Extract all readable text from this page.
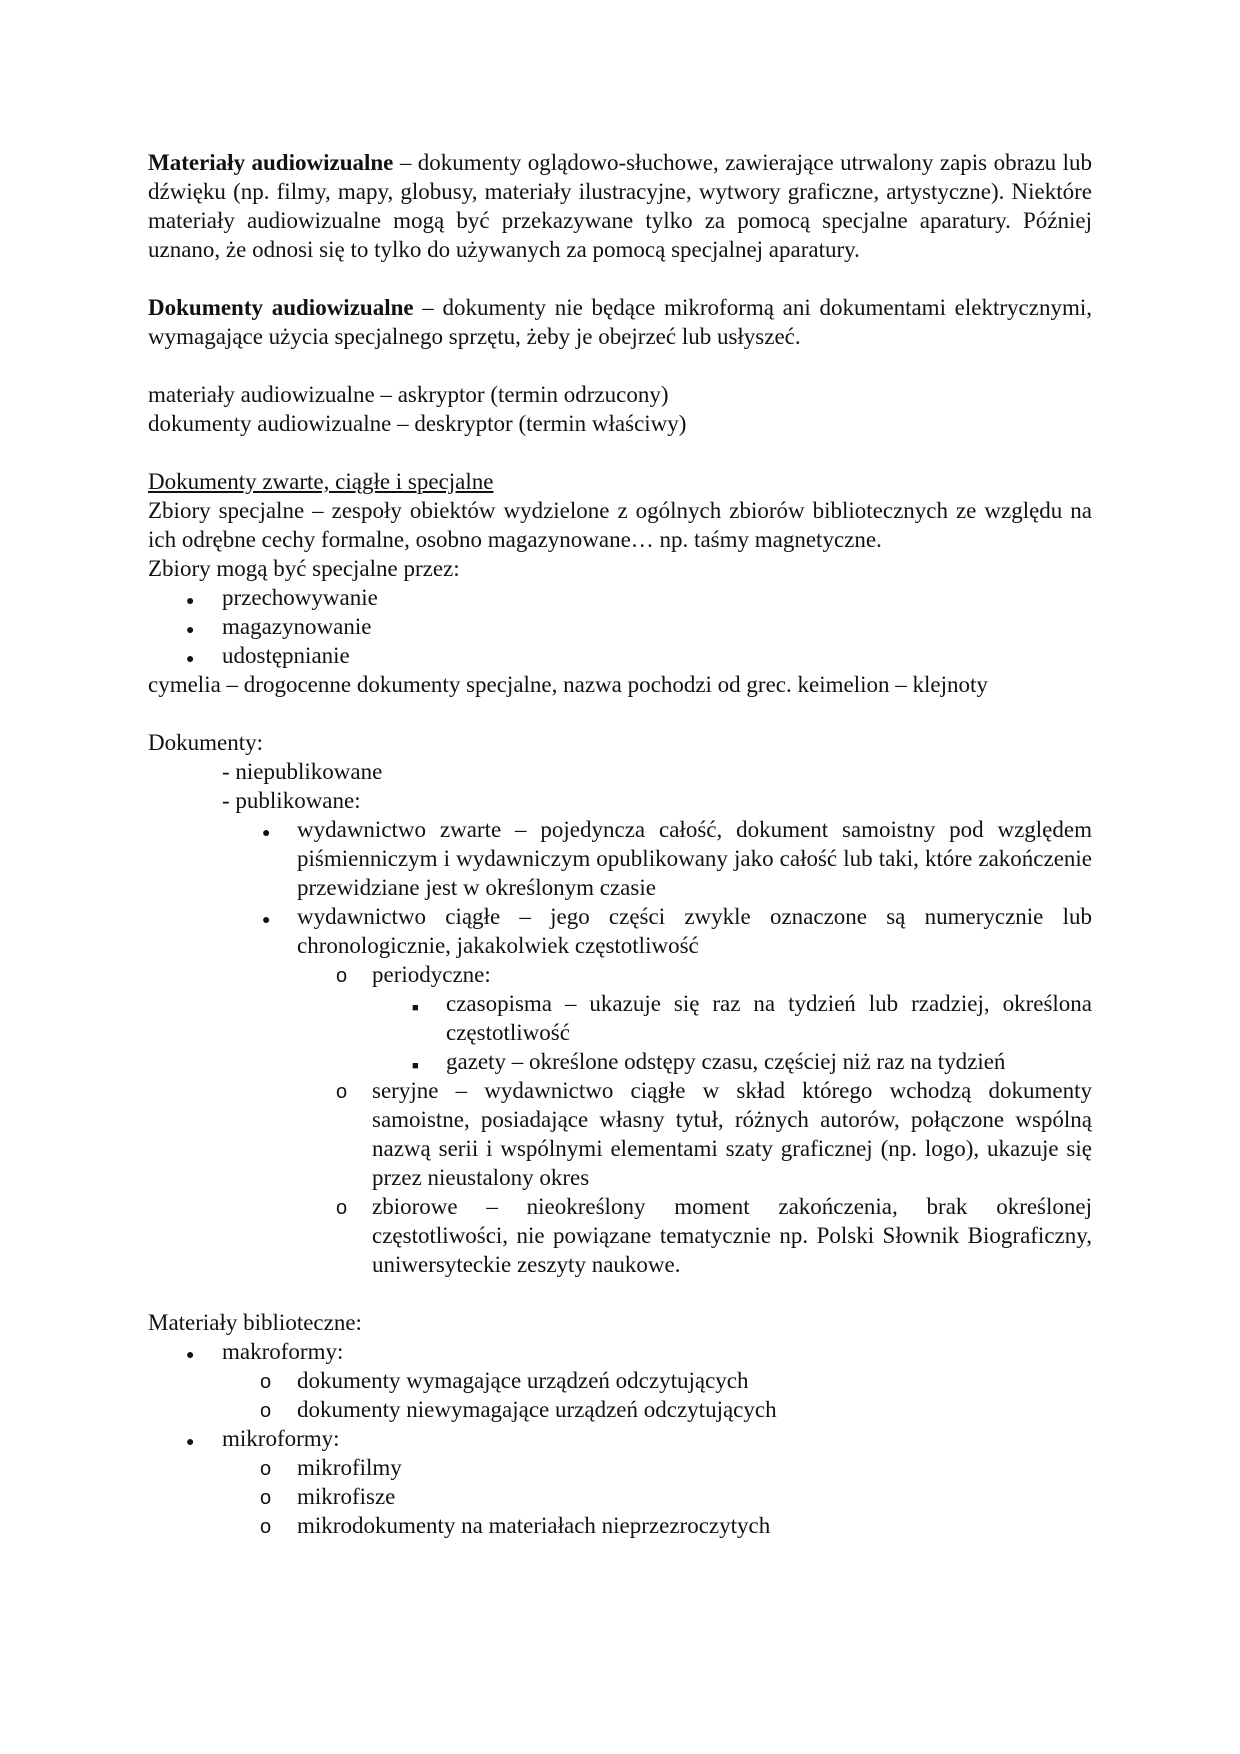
Materiały audiowizualne – dokumenty oglądowo-słuchowe, zawierające utrwalony zapis obrazu lub dźwięku (np. filmy, mapy, globusy, materiały ilustracyjne, wytwory graficzne, artystyczne). Niektóre materiały audiowizualne mogą być przekazywane tylko za pomocą specjalne aparatury. Później uznano, że odnosi się to tylko do używanych za pomocą specjalnej aparatury.

Dokumenty audiowizualne – dokumenty nie będące mikroformą ani dokumentami elektrycznymi, wymagające użycia specjalnego sprzętu, żeby je obejrzeć lub usłyszeć.

materiały audiowizualne – askryptor (termin odrzucony)

dokumenty audiowizualne – deskryptor (termin właściwy)

Dokumenty zwarte, ciągłe i specjalne

Zbiory specjalne – zespoły obiektów wydzielone z ogólnych zbiorów bibliotecznych ze względu na ich odrębne cechy formalne, osobno magazynowane… np. taśmy magnetyczne.

Zbiory mogą być specjalne przez:

●
przechowywanie
●
magazynowanie
●
udostępnianie

cymelia – drogocenne dokumenty specjalne, nazwa pochodzi od grec. keimelion – klejnoty

Dokumenty:

- niepublikowane

- publikowane:

●
wydawnictwo zwarte – pojedyncza całość, dokument samoistny pod względem piśmienniczym i wydawniczym opublikowany jako całość lub taki, które zakończenie przewidziane jest w określonym czasie
●
wydawnictwo ciągłe – jego części zwykle oznaczone są numerycznie lub chronologicznie, jakakolwiek częstotliwość
o
periodyczne:
■
czasopisma – ukazuje się raz na tydzień lub rzadziej, określona częstotliwość
■
gazety – określone odstępy czasu, częściej niż raz na tydzień
o
seryjne – wydawnictwo ciągłe w skład którego wchodzą dokumenty samoistne, posiadające własny tytuł, różnych autorów, połączone wspólną nazwą serii i wspólnymi elementami szaty graficznej (np. logo), ukazuje się przez nieustalony okres
o
zbiorowe – nieokreślony moment zakończenia, brak określonej częstotliwości, nie powiązane tematycznie np. Polski Słownik Biograficzny, uniwersyteckie zeszyty naukowe.

Materiały biblioteczne:

●
makroformy:
o
dokumenty wymagające urządzeń odczytujących
o
dokumenty niewymagające urządzeń odczytujących
●
mikroformy:
o
mikrofilmy
o
mikrofisze
o
mikrodokumenty na materiałach nieprzezroczytych
